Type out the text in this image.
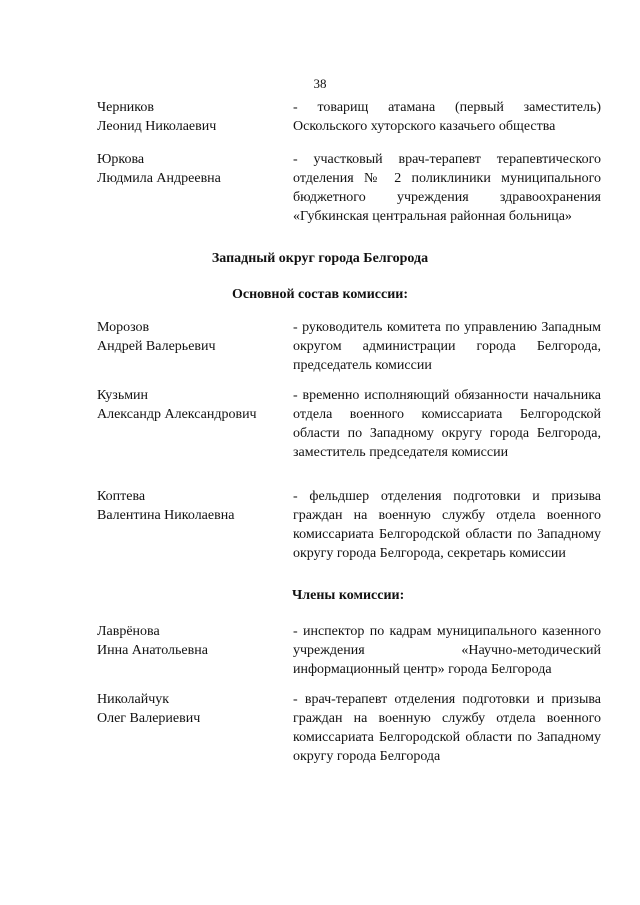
38
Черников
Леонид Николаевич
- товарищ атамана (первый заместитель) Оскольского хуторского казачьего общества
Юркова
Людмила Андреевна
- участковый врач-терапевт терапевтического отделения № 2 поликлиники муниципального бюджетного учреждения здравоохранения «Губкинская центральная районная больница»
Западный округ города Белгорода
Основной состав комиссии:
Морозов
Андрей Валерьевич
- руководитель комитета по управлению Западным округом администрации города Белгорода, председатель комиссии
Кузьмин
Александр Александрович
- временно исполняющий обязанности начальника отдела военного комиссариата Белгородской области по Западному округу города Белгорода, заместитель председателя комиссии
Коптева
Валентина Николаевна
- фельдшер отделения подготовки и призыва граждан на военную службу отдела военного комиссариата Белгородской области по Западному округу города Белгорода, секретарь комиссии
Члены комиссии:
Лаврёнова
Инна Анатольевна
- инспектор по кадрам муниципального казенного учреждения «Научно-методический информационный центр» города Белгорода
Николайчук
Олег Валериевич
- врач-терапевт отделения подготовки и призыва граждан на военную службу отдела военного комиссариата Белгородской области по Западному округу города Белгорода
